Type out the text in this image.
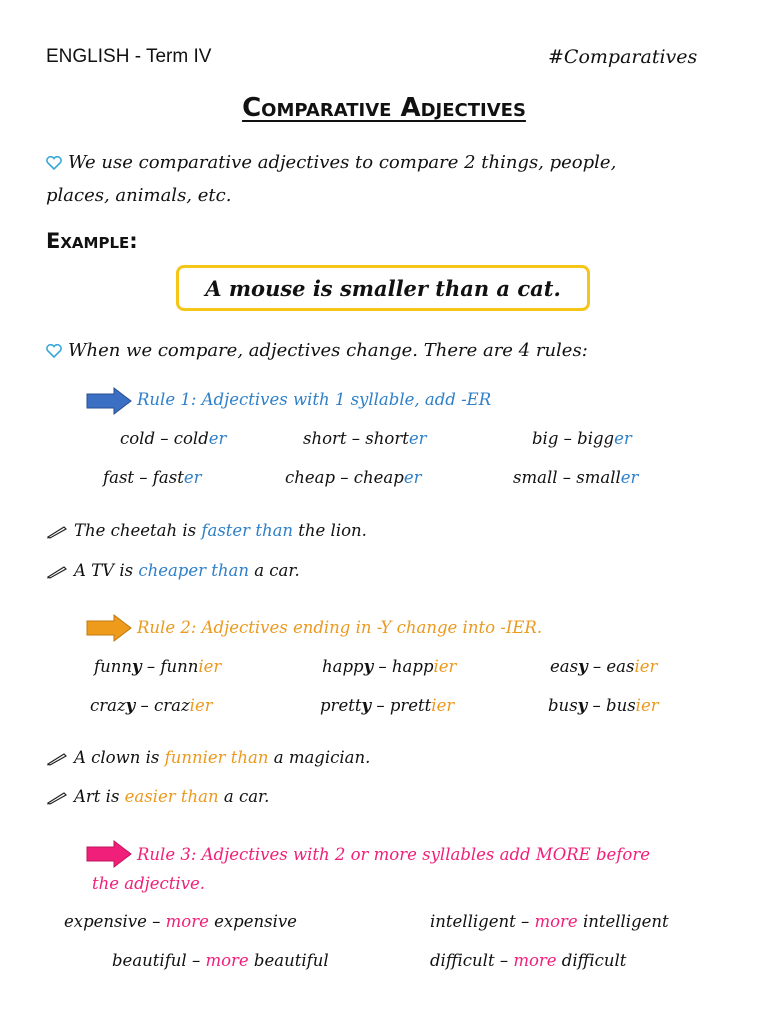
ENGLISH - Term IV	#Comparatives
Comparative Adjectives
We use comparative adjectives to compare 2 things, people,
places, animals, etc.
Example:
A mouse is smaller than a cat.
When we compare, adjectives change. There are 4 rules:
Rule 1: Adjectives with 1 syllable, add -ER
cold – colder	short – shorter	big – bigger
fast – faster	cheap – cheaper	small – smaller
The cheetah is faster than the lion.
A TV is cheaper than a car.
Rule 2: Adjectives ending in -Y change into -IER.
funny – funnier	happy – happier	easy – easier
crazy – crazier	pretty – prettier	busy – busier
A clown is funnier than a magician.
Art is easier than a car.
Rule 3: Adjectives with 2 or more syllables add MORE before
the adjective.
expensive – more expensive	intelligent – more intelligent
beautiful – more beautiful	difficult – more difficult
